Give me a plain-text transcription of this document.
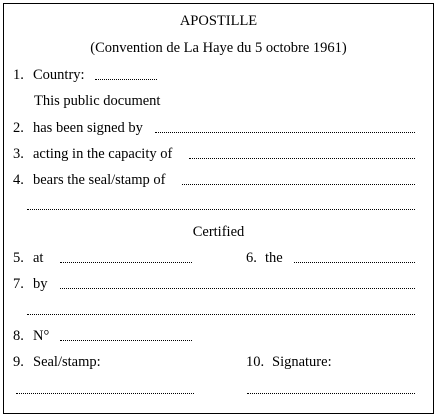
APOSTILLE
(Convention de La Haye du 5 octobre 1961)
1. Country:
This public document
2. has been signed by
3. acting in the capacity of
4. bears the seal/stamp of
Certified
5. at	6. the
7. by
8. N°
9. Seal/stamp:	10. Signature:
